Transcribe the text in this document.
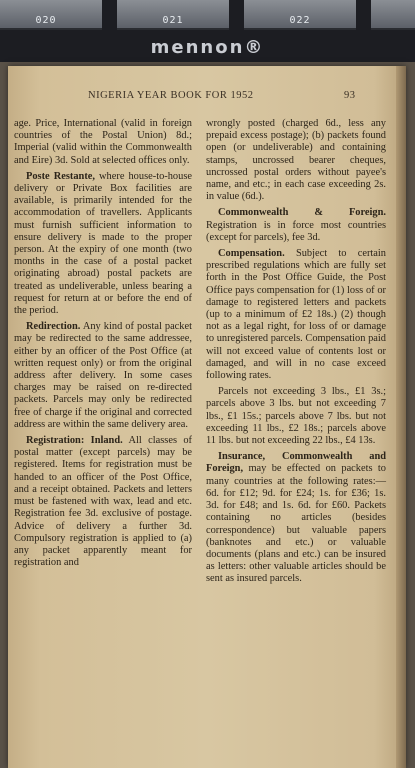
020	021	022
mennon®
NIGERIA YEAR BOOK FOR 1952	93

age. Price, International (valid in foreign countries of the Postal Union) 8d.; Imperial (valid within the Commonwealth and Eire) 3d. Sold at selected offices only.

Poste Restante, where house-to-house delivery or Private Box facilities are available, is primarily intended for the accommodation of travellers. Applicants must furnish sufficient information to ensure delivery is made to the proper person. At the expiry of one month (two months in the case of a postal packet originating abroad) postal packets are treated as undeliverable, unless bearing a request for return at or before the end of the period.

Redirection. Any kind of postal packet may be redirected to the same addressee, either by an officer of the Post Office (at written request only) or from the original address after delivery. In some cases charges may be raised on re-directed packets. Parcels may only be redirected free of charge if the original and corrected address are within the same delivery area.

Registration: Inland. All classes of postal matter (except parcels) may be registered. Items for registration must be handed to an officer of the Post Office, and a receipt obtained. Packets and letters must be fastened with wax, lead and etc. Registration fee 3d. exclusive of postage. Advice of delivery a further 3d. Compulsory registration is applied to (a) any packet apparently meant for registration and

wrongly posted (charged 6d., less any prepaid excess postage); (b) packets found open (or undeliverable) and containing stamps, uncrossed bearer cheques, uncrossed postal orders without payee's name, and etc.; in each case exceeding 2s. in value (6d.).

Commonwealth & Foreign. Registration is in force most countries (except for parcels), fee 3d.

Compensation. Subject to certain prescribed regulations which are fully set forth in the Post Office Guide, the Post Office pays compensation for (1) loss of or damage to registered letters and packets (up to a minimum of £2 18s.) (2) though not as a legal right, for loss of or damage to unregistered parcels. Compensation paid will not exceed value of contents lost or damaged, and will in no case exceed following rates.

Parcels not exceeding 3 lbs., £1 3s.; parcels above 3 lbs. but not exceeding 7 lbs., £1 15s.; parcels above 7 lbs. but not exceeding 11 lbs., £2 18s.; parcels above 11 lbs. but not exceeding 22 lbs., £4 13s.

Insurance, Commonwealth and Foreign, may be effected on packets to many countries at the following rates:—6d. for £12; 9d. for £24; 1s. for £36; 1s. 3d. for £48; and 1s. 6d. for £60. Packets containing no articles (besides correspondence) but valuable papers (banknotes and etc.) or valuable documents (plans and etc.) can be insured as letters: other valuable articles should be sent as insured parcels.
